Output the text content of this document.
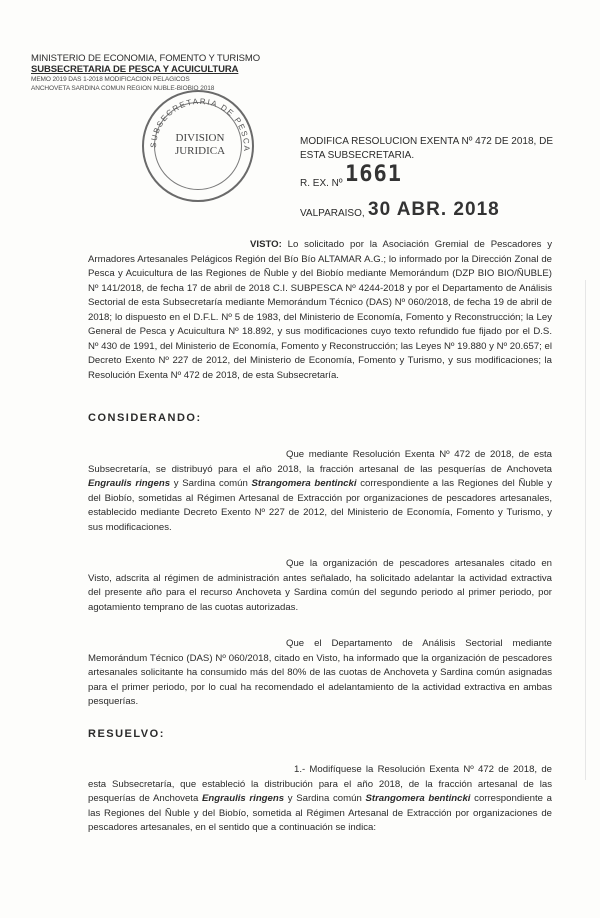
MINISTERIO DE ECONOMIA, FOMENTO Y TURISMO
SUBSECRETARIA DE PESCA Y ACUICULTURA
MEMO 2019 DAS 1-2018 MODIFICACION PELAGICOS
ANCHOVETA SARDINA COMUN REGION NUBLE-BIOBIO 2018
SUBSECRETARIA DE PESCA
DIVISION
JURIDICA
MODIFICA RESOLUCION EXENTA Nº 472 DE 2018, DE ESTA SUBSECRETARIA.
R. EX. Nº 1661
VALPARAISO, 30 ABR. 2018
VISTO: Lo solicitado por la Asociación Gremial de Pescadores y Armadores Artesanales Pelágicos Región del Bío Bío ALTAMAR A.G.; lo informado por la Dirección Zonal de Pesca y Acuicultura de las Regiones de Ñuble y del Biobío mediante Memorándum (DZP BIO BIO/ÑUBLE) Nº 141/2018, de fecha 17 de abril de 2018 C.I. SUBPESCA Nº 4244-2018 y por el Departamento de Análisis Sectorial de esta Subsecretaría mediante Memorándum Técnico (DAS) Nº 060/2018, de fecha 19 de abril de 2018; lo dispuesto en el D.F.L. Nº 5 de 1983, del Ministerio de Economía, Fomento y Reconstrucción; la Ley General de Pesca y Acuicultura Nº 18.892, y sus modificaciones cuyo texto refundido fue fijado por el D.S. Nº 430 de 1991, del Ministerio de Economía, Fomento y Reconstrucción; las Leyes Nº 19.880 y Nº 20.657; el Decreto Exento Nº 227 de 2012, del Ministerio de Economía, Fomento y Turismo, y sus modificaciones; la Resolución Exenta Nº 472 de 2018, de esta Subsecretaría.
CONSIDERANDO:
Que mediante Resolución Exenta Nº 472 de 2018, de esta Subsecretaría, se distribuyó para el año 2018, la fracción artesanal de las pesquerías de Anchoveta Engraulis ringens y Sardina común Strangomera bentincki correspondiente a las Regiones del Ñuble y del Biobío, sometidas al Régimen Artesanal de Extracción por organizaciones de pescadores artesanales, establecido mediante Decreto Exento Nº 227 de 2012, del Ministerio de Economía, Fomento y Turismo, y sus modificaciones.
Que la organización de pescadores artesanales citado en Visto, adscrita al régimen de administración antes señalado, ha solicitado adelantar la actividad extractiva del presente año para el recurso Anchoveta y Sardina común del segundo periodo al primer periodo, por agotamiento temprano de las cuotas autorizadas.
Que el Departamento de Análisis Sectorial mediante Memorándum Técnico (DAS) Nº 060/2018, citado en Visto, ha informado que la organización de pescadores artesanales solicitante ha consumido más del 80% de las cuotas de Anchoveta y Sardina común asignadas para el primer periodo, por lo cual ha recomendado el adelantamiento de la actividad extractiva en ambas pesquerías.
RESUELVO:
1.- Modifíquese la Resolución Exenta Nº 472 de 2018, de esta Subsecretaría, que estableció la distribución para el año 2018, de la fracción artesanal de las pesquerías de Anchoveta Engraulis ringens y Sardina común Strangomera bentincki correspondiente a las Regiones del Ñuble y del Biobío, sometida al Régimen Artesanal de Extracción por organizaciones de pescadores artesanales, en el sentido que a continuación se indica:
